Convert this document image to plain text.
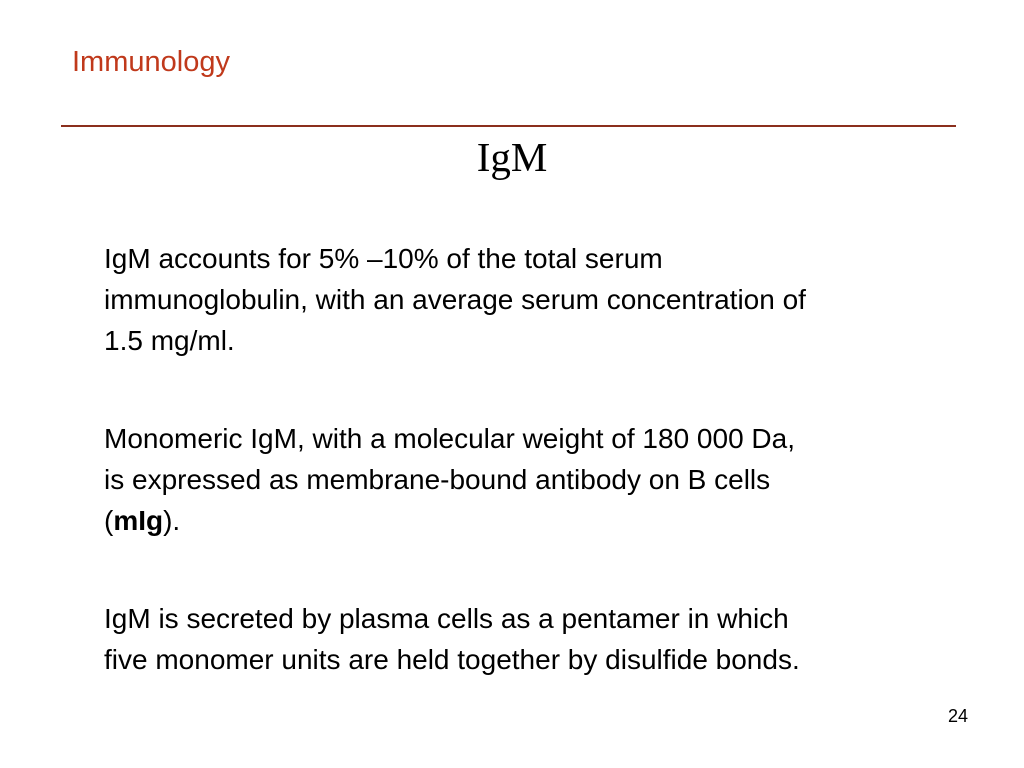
Immunology
IgM
IgM accounts for 5% –10% of the total serum
immunoglobulin, with an average serum concentration of
1.5 mg/ml.
Monomeric IgM, with a molecular weight of 180 000 Da,
is expressed as membrane-bound antibody on B cells
(mIg).
IgM is secreted by plasma cells as a pentamer in which
five monomer units are held together by disulfide bonds.
24
